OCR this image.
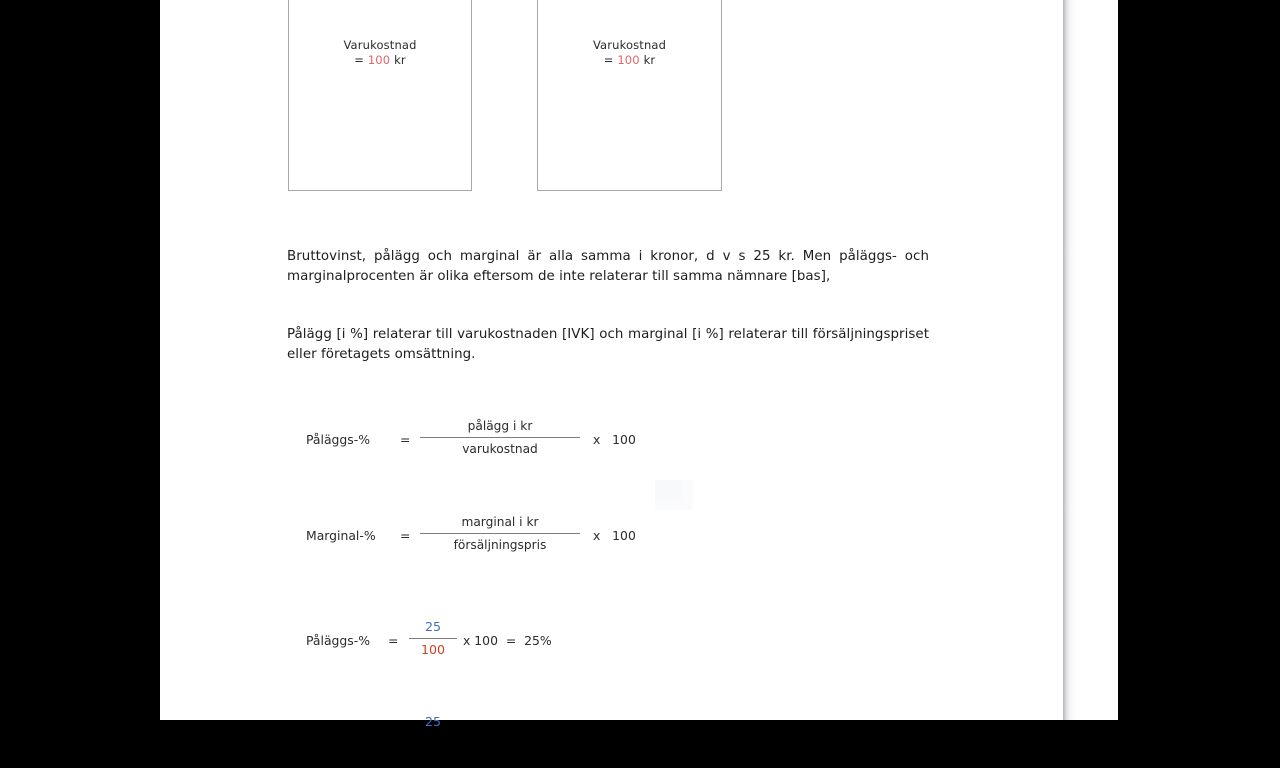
Varukostnad
= 100 kr
Varukostnad
= 100 kr

Bruttovinst, pålägg och marginal är alla samma i kronor, d v s 25 kr. Men påläggs- och marginalprocenten är olika eftersom de inte relaterar till samma nämnare [bas],

Pålägg [i %] relaterar till varukostnaden [IVK] och marginal [i %] relaterar till försäljningspriset eller företagets omsättning.

Påläggs-% =
pålägg i kr
varukostnad
x 100
Marginal-% =
marginal i kr
försäljningspris
x 100
Påläggs-% =
25
100
x 100 = 25%
25
